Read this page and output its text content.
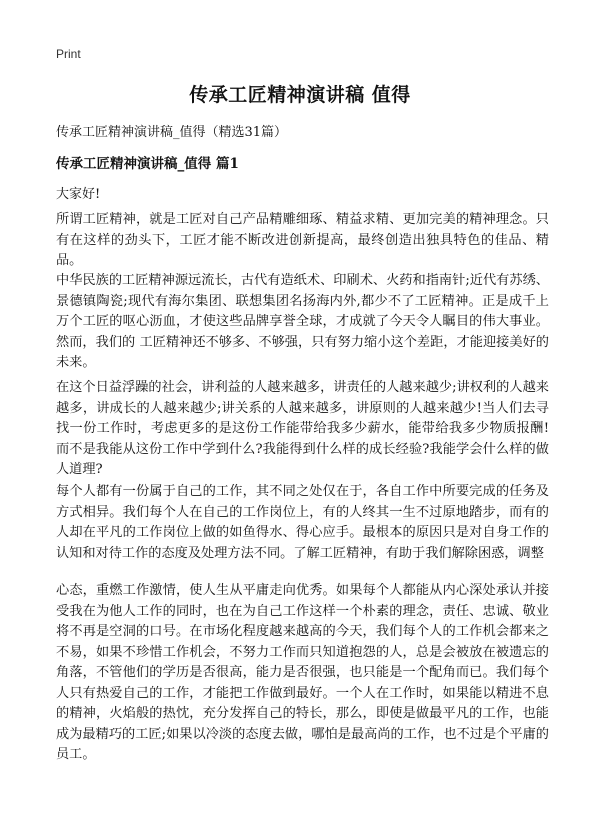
Print
传承工匠精神演讲稿 值得
传承工匠精神演讲稿_值得（精选31篇）
传承工匠精神演讲稿_值得 篇1
大家好!

所谓工匠精神，就是工匠对自己产品精雕细琢、精益求精、更加完美的精神理念。只有在这样的劲头下，工匠才能不断改进创新提高，最终创造出独具特色的佳品、精品。

中华民族的工匠精神源远流长，古代有造纸术、印刷术、火药和指南针;近代有苏绣、景德镇陶瓷;现代有海尔集团、联想集团名扬海内外,都少不了工匠精神。正是成千上万个工匠的呕心沥血，才使这些品牌享誉全球，才成就了今天令人瞩目的伟大事业。然而，我们的 工匠精神还不够多、不够强，只有努力缩小这个差距，才能迎接美好的未来。

在这个日益浮躁的社会，讲利益的人越来越多，讲责任的人越来越少;讲权利的人越来越多，讲成长的人越来越少;讲关系的人越来越多，讲原则的人越来越少!当人们去寻找一份工作时，考虑更多的是这份工作能带给我多少薪水，能带给我多少物质报酬!而不是我能从这份工作中学到什么?我能得到什么样的成长经验?我能学会什么样的做人道理?

每个人都有一份属于自己的工作，其不同之处仅在于，各自工作中所要完成的任务及方式相异。我们每个人在自己的工作岗位上，有的人终其一生不过原地踏步，而有的人却在平凡的工作岗位上做的如鱼得水、得心应手。最根本的原因只是对自身工作的认知和对待工作的态度及处理方法不同。了解工匠精神，有助于我们解除困惑，调整

心态，重燃工作激情，使人生从平庸走向优秀。如果每个人都能从内心深处承认并接受我在为他人工作的同时，也在为自己工作这样一个朴素的理念，责任、忠诚、敬业将不再是空洞的口号。在市场化程度越来越高的今天，我们每个人的工作机会都来之不易，如果不珍惜工作机会，不努力工作而只知道抱怨的人，总是会被放在被遗忘的角落，不管他们的学历是否很高，能力是否很强，也只能是一个配角而已。我们每个人只有热爱自己的工作，才能把工作做到最好。一个人在工作时，如果能以精进不息的精神，火焰般的热忱，充分发挥自己的特长，那么，即使是做最平凡的工作，也能成为最精巧的工匠;如果以冷淡的态度去做，哪怕是最高尚的工作，也不过是个平庸的员工。
